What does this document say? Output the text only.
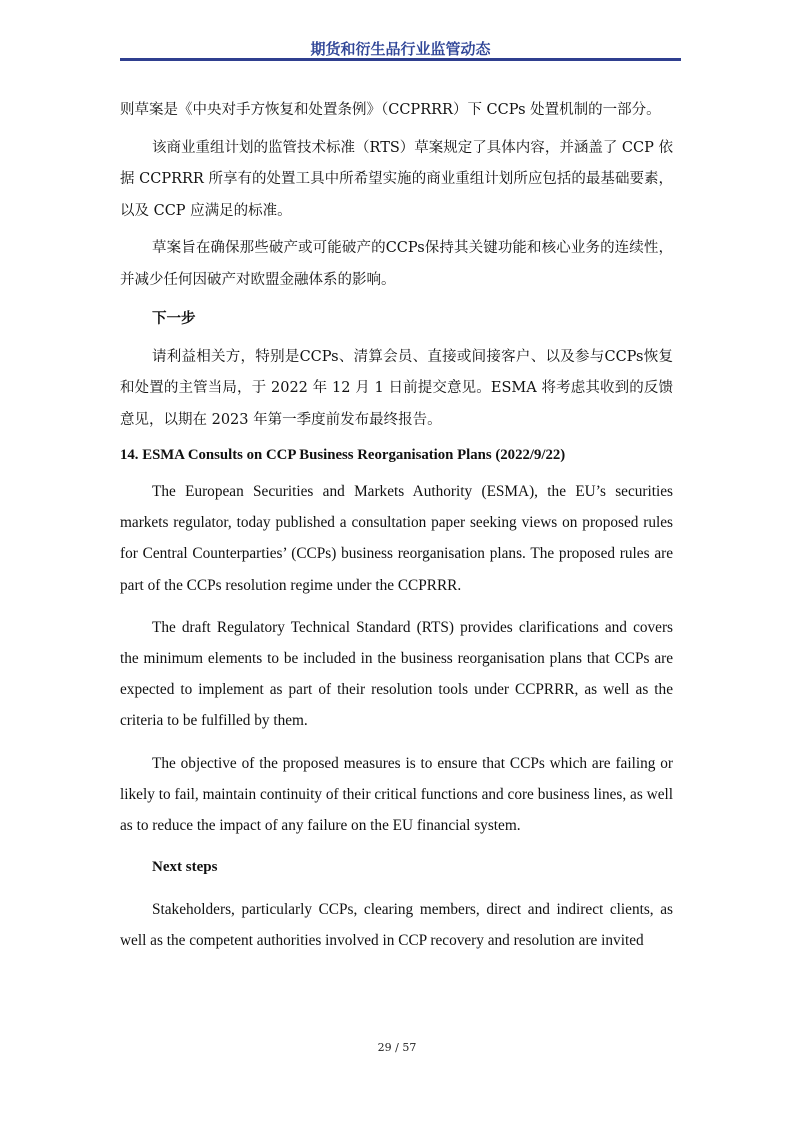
期货和衍生品行业监管动态

则草案是《中央对手方恢复和处置条例》（CCPRRR）下 CCPs 处置机制的一部分。

该商业重组计划的监管技术标准（RTS）草案规定了具体内容，并涵盖了 CCP 依据 CCPRRR 所享有的处置工具中所希望实施的商业重组计划所应包括的最基础要素，以及 CCP 应满足的标准。

草案旨在确保那些破产或可能破产的CCPs保持其关键功能和核心业务的连续性，并减少任何因破产对欧盟金融体系的影响。

下一步

请利益相关方，特别是CCPs、清算会员、直接或间接客户、以及参与CCPs恢复和处置的主管当局，于 2022 年 12 月 1 日前提交意见。ESMA 将考虑其收到的反馈意见，以期在 2023 年第一季度前发布最终报告。

14. ESMA Consults on CCP Business Reorganisation Plans (2022/9/22)

The European Securities and Markets Authority (ESMA), the EU’s securities markets regulator, today published a consultation paper seeking views on proposed rules for Central Counterparties’ (CCPs) business reorganisation plans. The proposed rules are part of the CCPs resolution regime under the CCPRRR.

The draft Regulatory Technical Standard (RTS) provides clarifications and covers the minimum elements to be included in the business reorganisation plans that CCPs are expected to implement as part of their resolution tools under CCPRRR, as well as the criteria to be fulfilled by them.

The objective of the proposed measures is to ensure that CCPs which are failing or likely to fail, maintain continuity of their critical functions and core business lines, as well as to reduce the impact of any failure on the EU financial system.

Next steps

Stakeholders, particularly CCPs, clearing members, direct and indirect clients, as well as the competent authorities involved in CCP recovery and resolution are invited

29 / 57
